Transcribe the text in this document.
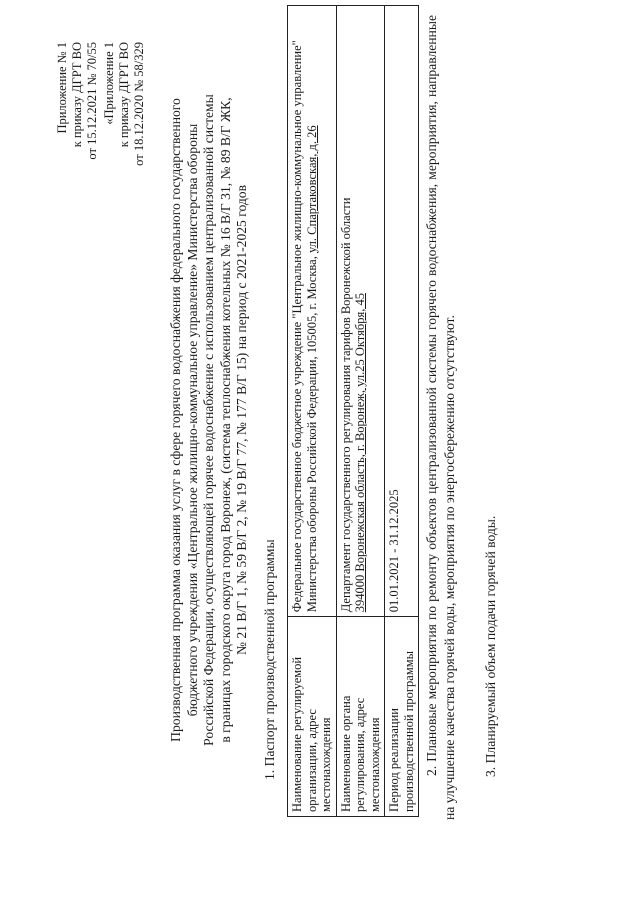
Приложение № 1 к приказу ДГРТ ВО от 15.12.2021 № 70/55 «Приложение 1 к приказу ДГРТ ВО от 18.12.2020 № 58/329 Производственная программа оказания услуг в сфере горячего водоснабжения федерального государственного бюджетного учреждения «Центральное жилищно-коммунальное управление» Министерства обороны Российской Федерации, осуществляющей горячее водоснабжение с использованием централизованной системы в границах городского округа город Воронеж, (система теплоснабжения котельных № 16 В/Г 31, № 89 В/Г ЖК, № 21 В/Г 1, № 59 В/Г 2, № 19 В/Г 77, № 177 В/Г 15) на период с 2021-2025 годов
1. Паспорт производственной программы Наименование регулируемой организации, адрес местонахождения	Федеральное государственное бюджетное учреждение "Центральное жилищно-коммунальное управление" Министерства обороны Российской Федерации, 105005, г. Москва, ул. Спартаковская, д. 26
Наименование органа регулирования, адрес местонахождения	Департамент государственного регулирования тарифов Воронежской области
394000 Воронежская область, г. Воронеж, ул.25 Октября, 45
Период реализации производственной программы	01.01.2021 - 31.12.2025 2. Плановые мероприятия по ремонту объектов централизованной системы горячего водоснабжения, мероприятия, направленные на улучшение качества горячей воды, мероприятия по энергосбережению отсутствуют. 3. Планируемый объем подачи горячей воды.
